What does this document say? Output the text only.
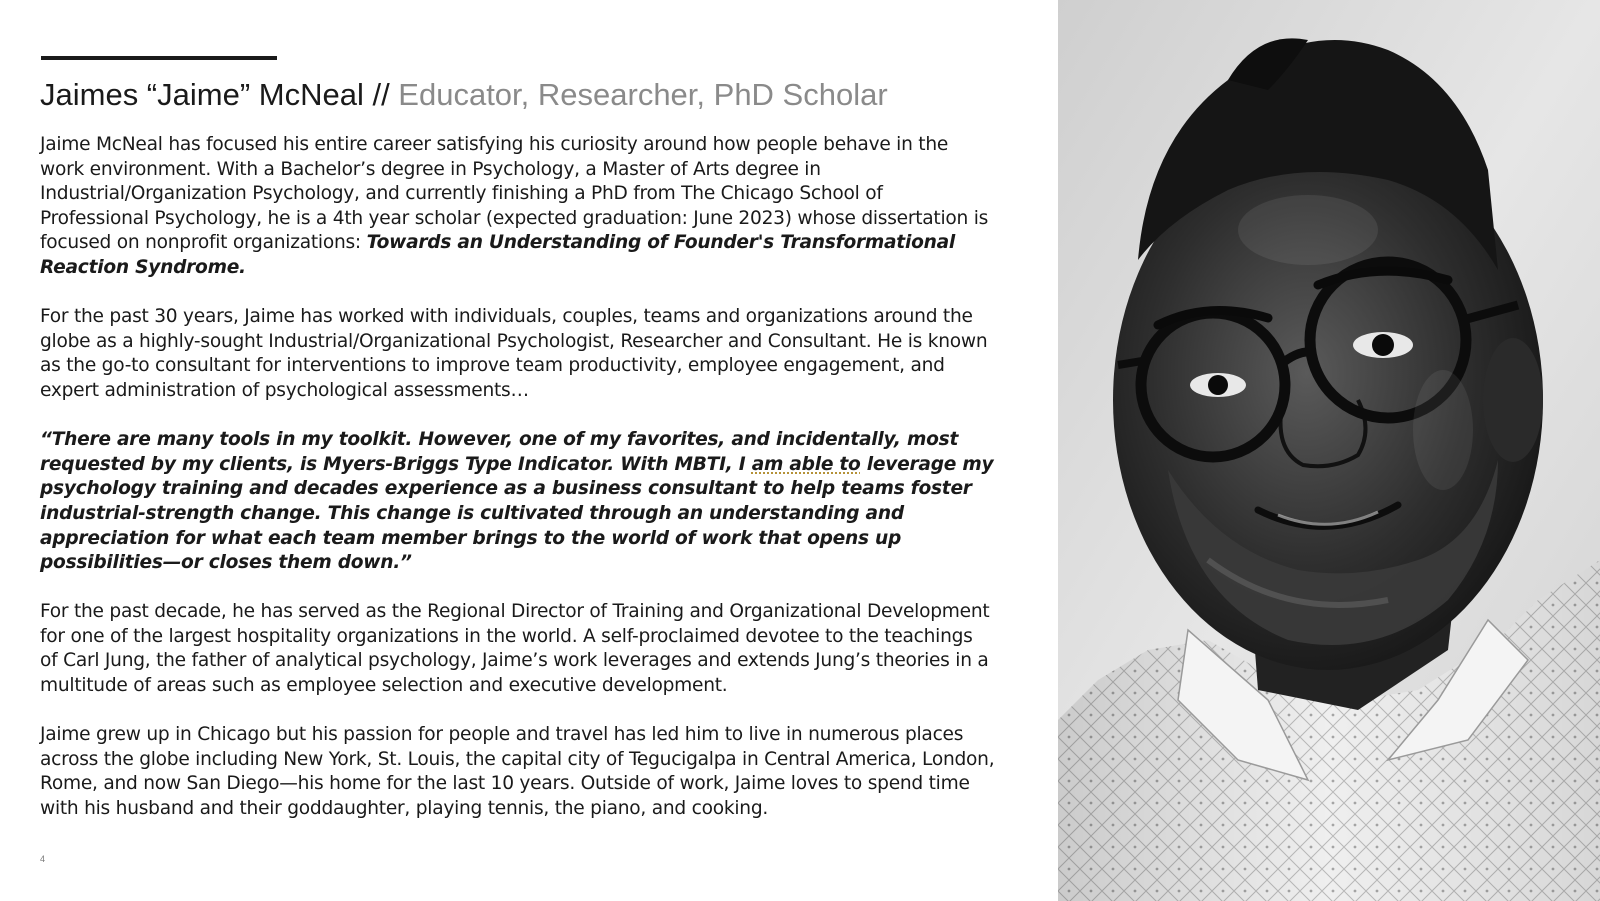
Jaimes “Jaime” McNeal // Educator, Researcher, PhD Scholar

Jaime McNeal has focused his entire career satisfying his curiosity around how people behave in the work environment. With a Bachelor’s degree in Psychology, a Master of Arts degree in Industrial/Organization Psychology, and currently finishing a PhD from The Chicago School of Professional Psychology, he is a 4th year scholar (expected graduation: June 2023) whose dissertation is focused on nonprofit organizations: Towards an Understanding of Founder's Transformational Reaction Syndrome.

For the past 30 years, Jaime has worked with individuals, couples, teams and organizations around the globe as a highly-sought Industrial/Organizational Psychologist, Researcher and Consultant. He is known as the go-to consultant for interventions to improve team productivity, employee engagement, and expert administration of psychological assessments…

“There are many tools in my toolkit. However, one of my favorites, and incidentally, most requested by my clients, is Myers-Briggs Type Indicator. With MBTI, I am able to leverage my psychology training and decades experience as a business consultant to help teams foster industrial-strength change. This change is cultivated through an understanding and appreciation for what each team member brings to the world of work that opens up possibilities—or closes them down.”

For the past decade, he has served as the Regional Director of Training and Organizational Development for one of the largest hospitality organizations in the world. A self-proclaimed devotee to the teachings of Carl Jung, the father of analytical psychology, Jaime’s work leverages and extends Jung’s theories in a multitude of areas such as employee selection and executive development.

Jaime grew up in Chicago but his passion for people and travel has led him to live in numerous places across the globe including New York, St. Louis, the capital city of Tegucigalpa in Central America, London, Rome, and now San Diego—his home for the last 10 years. Outside of work, Jaime loves to spend time with his husband and their goddaughter, playing tennis, the piano, and cooking.

4
